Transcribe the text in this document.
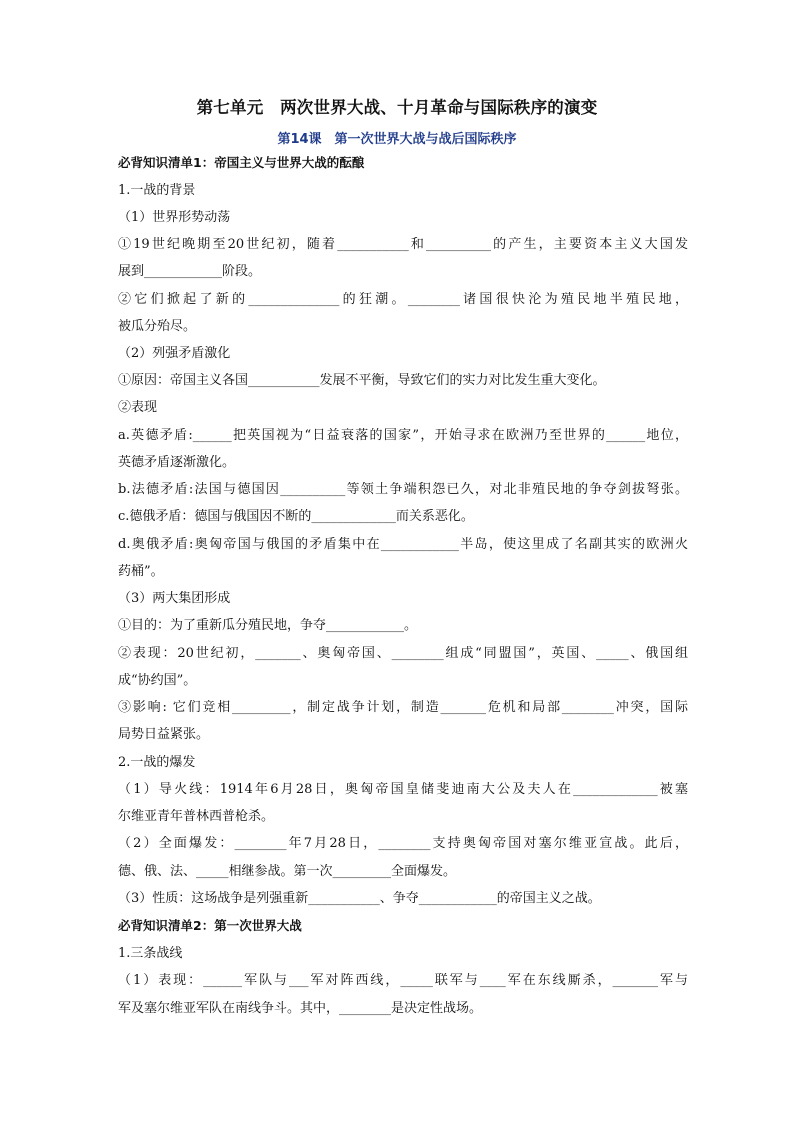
第七单元　两次世界大战、十月革命与国际秩序的演变
第14课　第一次世界大战与战后国际秩序
必背知识清单1：帝国主义与世界大战的酝酿
1.一战的背景
（1）世界形势动荡
①19世纪晚期至20世纪初，随着___________和__________的产生，主要资本主义大国发
展到____________阶段。
②它们掀起了新的______________的狂潮。________诸国很快沦为殖民地半殖民地，
被瓜分殆尽。
（2）列强矛盾激化
①原因：帝国主义各国___________发展不平衡，导致它们的实力对比发生重大变化。
②表现
a.英德矛盾:______把英国视为“日益衰落的国家”，开始寻求在欧洲乃至世界的______地位，
英德矛盾逐渐激化。
b.法德矛盾:法国与德国因__________等领土争端积怨已久，对北非殖民地的争夺剑拔弩张。
c.德俄矛盾：德国与俄国因不断的_____________而关系恶化。
d.奥俄矛盾:奥匈帝国与俄国的矛盾集中在____________半岛，使这里成了名副其实的欧洲火
药桶”。
（3）两大集团形成
①目的：为了重新瓜分殖民地，争夺____________。
②表现：20世纪初，_______、奥匈帝国、________组成“同盟国”，英国、_____、俄国组
成“协约国”。
③影响: 它们竞相_________，制定战争计划，制造_______危机和局部________冲突，国际
局势日益紧张。
2.一战的爆发
（1）导火线：1914年6月28日，奥匈帝国皇储斐迪南大公及夫人在_____________被塞
尔维亚青年普林西普枪杀。
（2）全面爆发：________年7月28日，________支持奥匈帝国对塞尔维亚宣战。此后，
德、俄、法、_____相继参战。第一次_________全面爆发。
（3）性质：这场战争是列强重新___________、争夺____________的帝国主义之战。
必背知识清单2：第一次世界大战
1.三条战线
（1）表现：______军队与___军对阵西线，_____联军与____军在东线厮杀，_______军与
军及塞尔维亚军队在南线争斗。其中，________是决定性战场。
